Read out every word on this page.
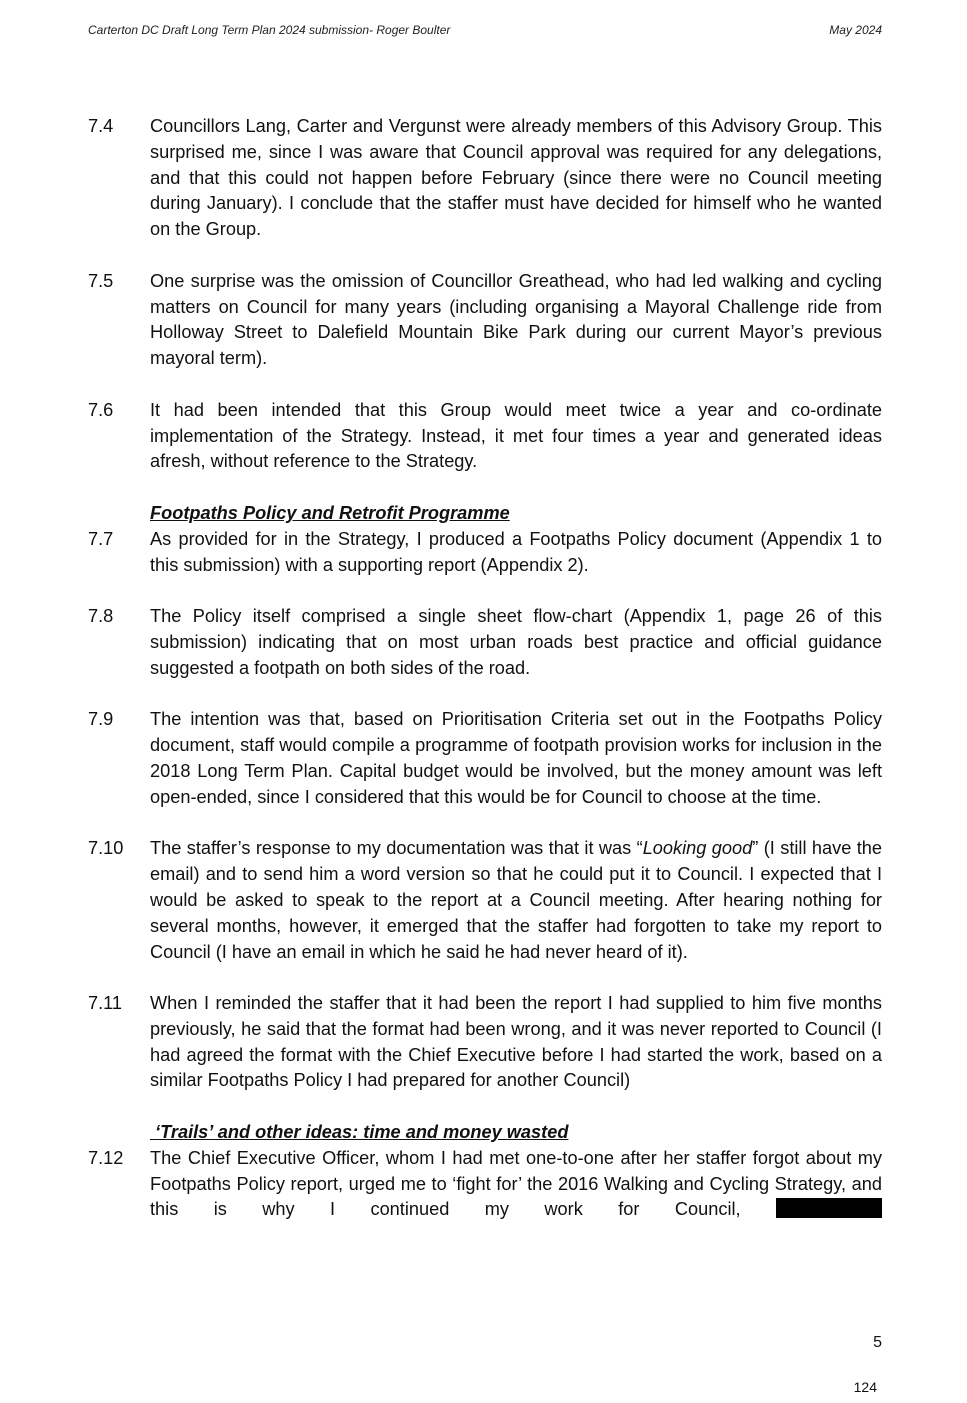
Carterton DC Draft Long Term Plan 2024 submission- Roger Boulter	May 2024
7.4	Councillors Lang, Carter and Vergunst were already members of this Advisory Group. This surprised me, since I was aware that Council approval was required for any delegations, and that this could not happen before February (since there were no Council meeting during January). I conclude that the staffer must have decided for himself who he wanted on the Group.
7.5	One surprise was the omission of Councillor Greathead, who had led walking and cycling matters on Council for many years (including organising a Mayoral Challenge ride from Holloway Street to Dalefield Mountain Bike Park during our current Mayor’s previous mayoral term).
7.6	It had been intended that this Group would meet twice a year and co-ordinate implementation of the Strategy. Instead, it met four times a year and generated ideas afresh, without reference to the Strategy.
Footpaths Policy and Retrofit Programme
7.7	As provided for in the Strategy, I produced a Footpaths Policy document (Appendix 1 to this submission) with a supporting report (Appendix 2).
7.8	The Policy itself comprised a single sheet flow-chart (Appendix 1, page 26 of this submission) indicating that on most urban roads best practice and official guidance suggested a footpath on both sides of the road.
7.9	The intention was that, based on Prioritisation Criteria set out in the Footpaths Policy document, staff would compile a programme of footpath provision works for inclusion in the 2018 Long Term Plan. Capital budget would be involved, but the money amount was left open-ended, since I considered that this would be for Council to choose at the time.
7.10	The staffer’s response to my documentation was that it was “Looking good” (I still have the email) and to send him a word version so that he could put it to Council. I expected that I would be asked to speak to the report at a Council meeting. After hearing nothing for several months, however, it emerged that the staffer had forgotten to take my report to Council (I have an email in which he said he had never heard of it).
7.11	When I reminded the staffer that it had been the report I had supplied to him five months previously, he said that the format had been wrong, and it was never reported to Council (I had agreed the format with the Chief Executive before I had started the work, based on a similar Footpaths Policy I had prepared for another Council)
‘Trails’ and other ideas: time and money wasted
7.12	The Chief Executive Officer, whom I had met one-to-one after her staffer forgot about my Footpaths Policy report, urged me to ‘fight for’ the 2016 Walking and Cycling Strategy, and this is why I continued my work for Council,
5
124
